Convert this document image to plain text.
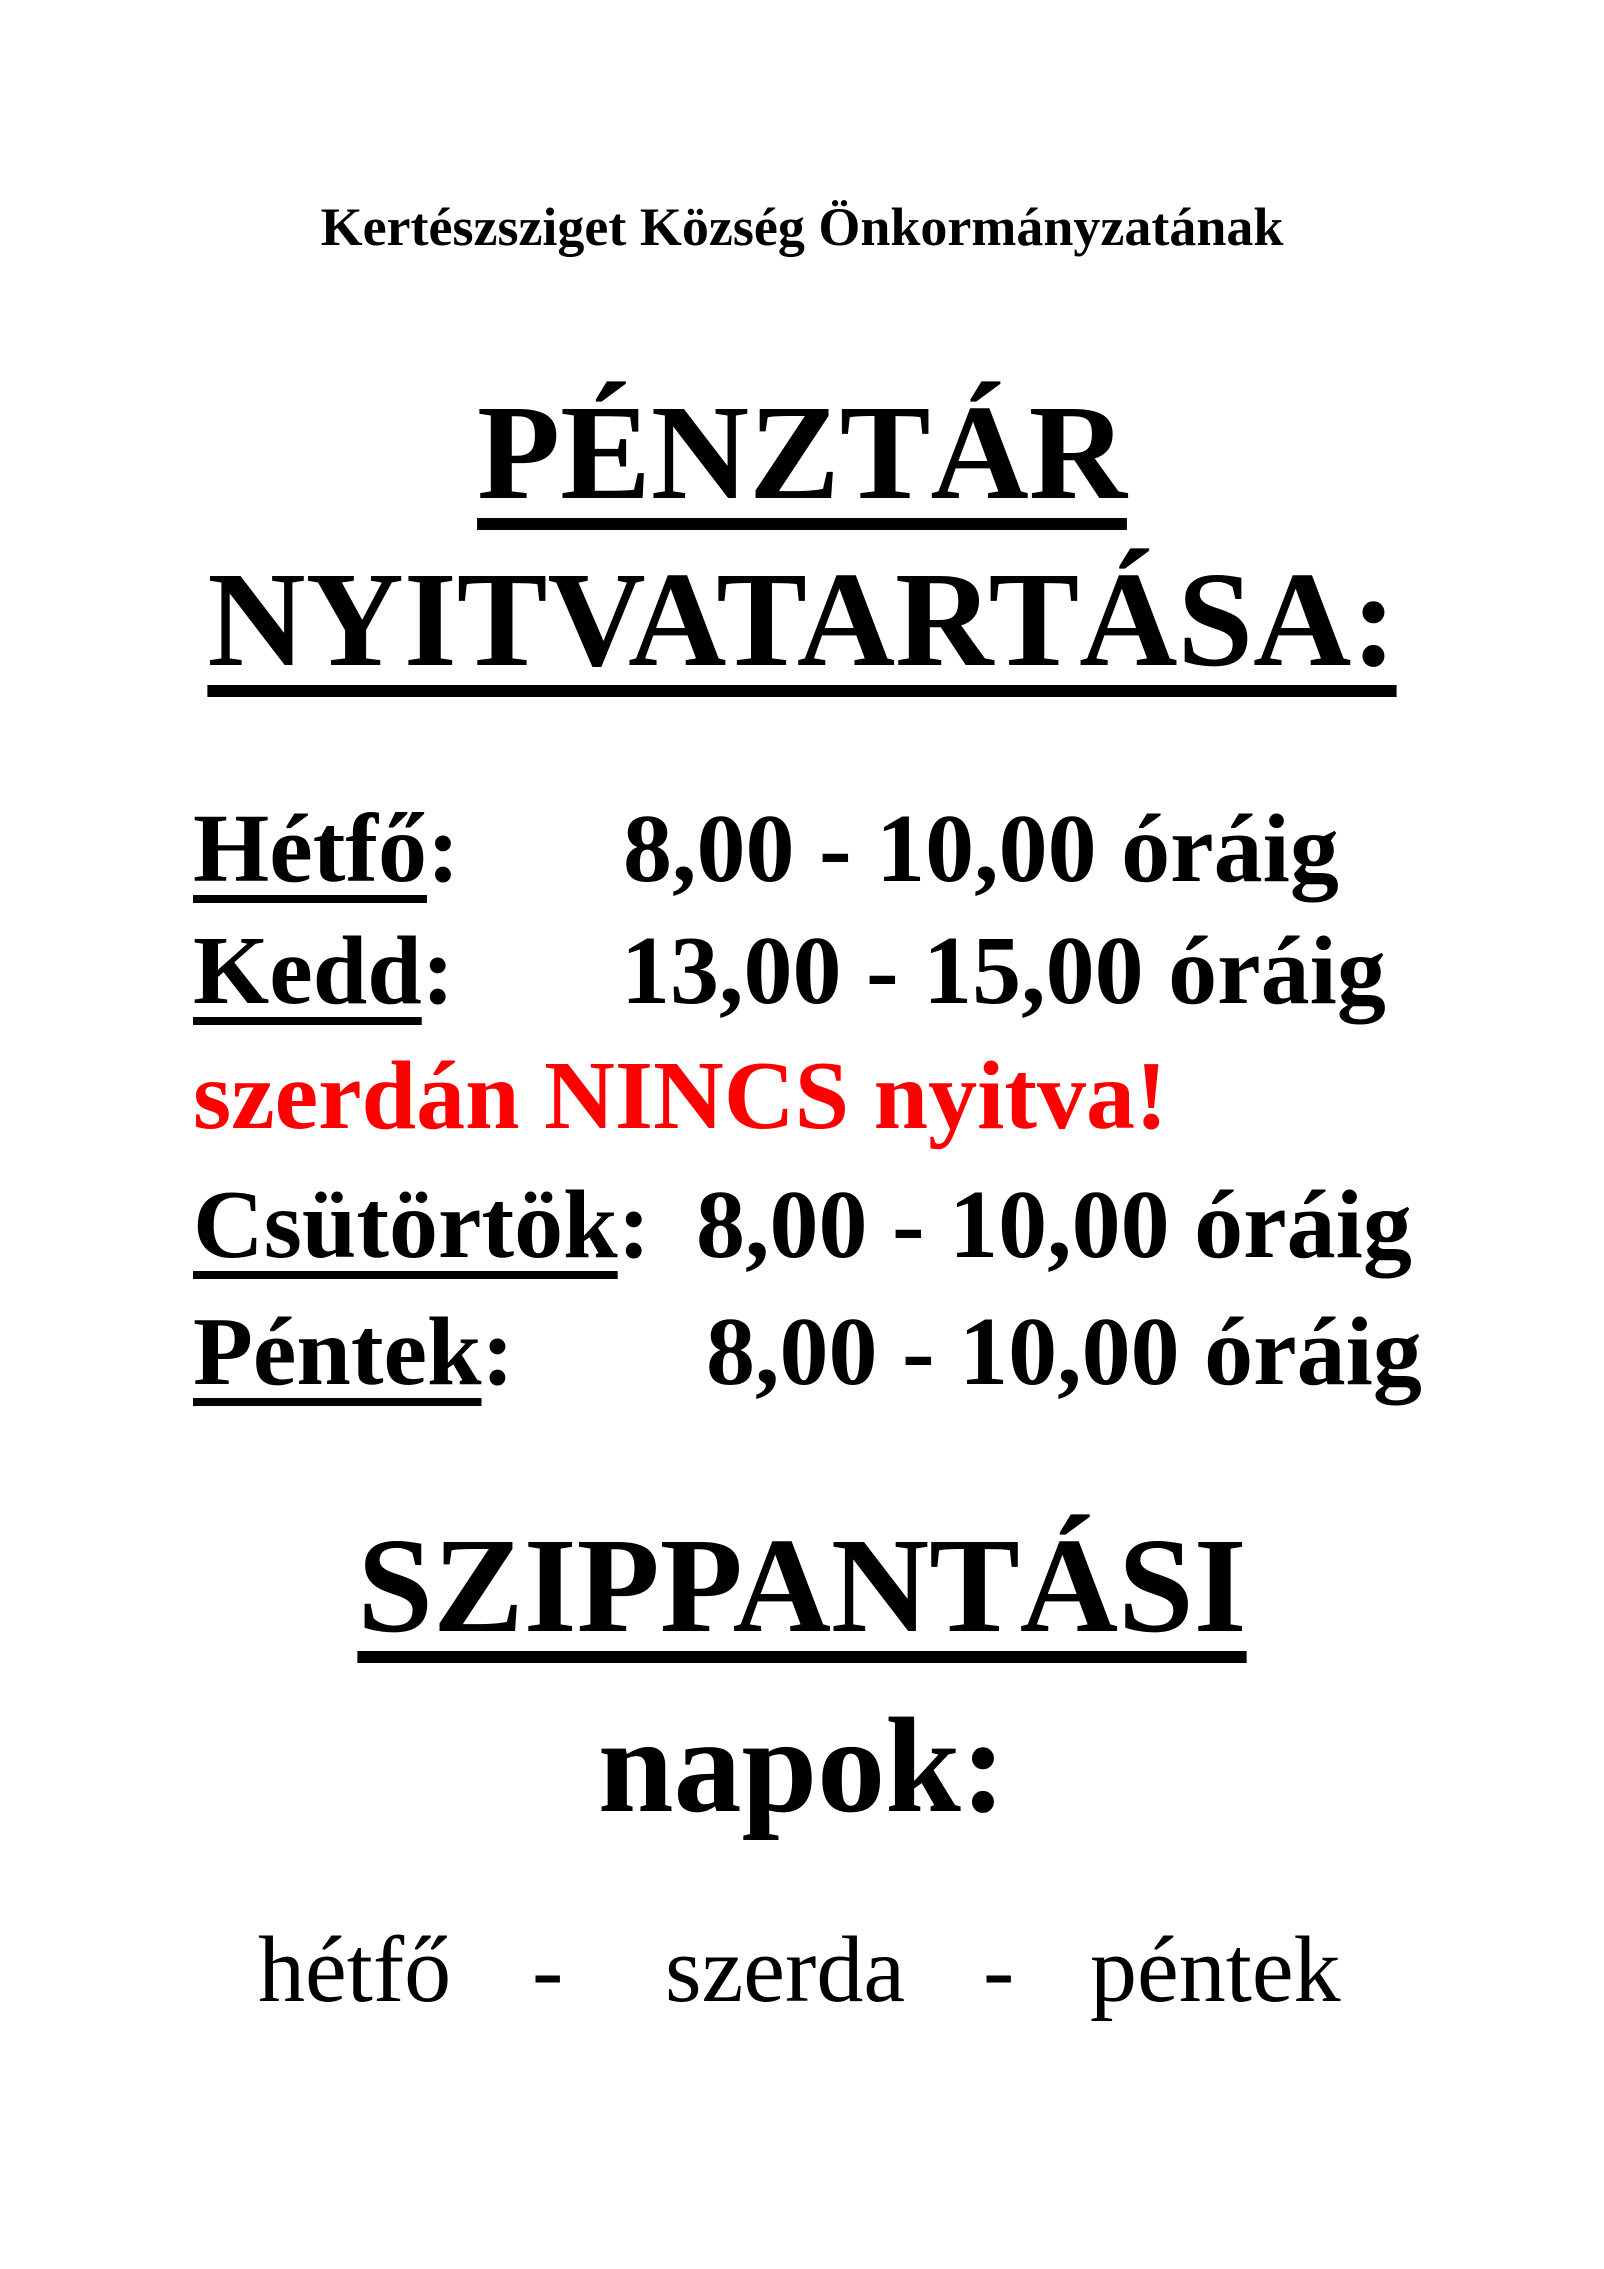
Kertészsziget Község Önkormányzatának
PÉNZTÁR
NYITVATARTÁSA:
Hétfő: 8,00 - 10,00 óráig
Kedd: 13,00 - 15,00 óráig
szerdán NINCS nyitva!
Csütörtök: 8,00 - 10,00 óráig
Péntek: 8,00 - 10,00 óráig
SZIPPANTÁSI
napok:
hétfő - szerda - péntek
